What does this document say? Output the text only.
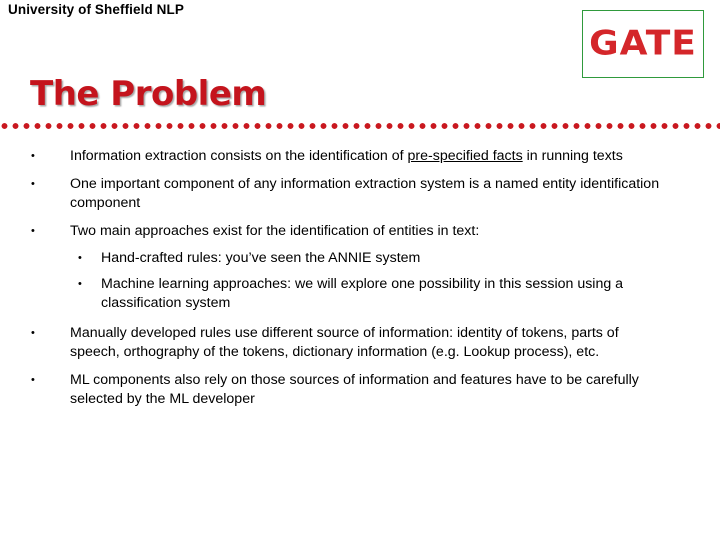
University of Sheffield NLP
GATE
The Problem
• Information extraction consists on the identification of pre-specified facts in running texts
• One important component of any information extraction system is a named entity identification component
• Two main approaches exist for the identification of entities in text:
• Hand-crafted rules: you’ve seen the ANNIE system
• Machine learning approaches: we will explore one possibility in this session using a classification system
• Manually developed rules use different source of information: identity of tokens, parts of speech, orthography of the tokens, dictionary information (e.g. Lookup process), etc.
• ML components also rely on those sources of information and features have to be carefully selected by the ML developer
